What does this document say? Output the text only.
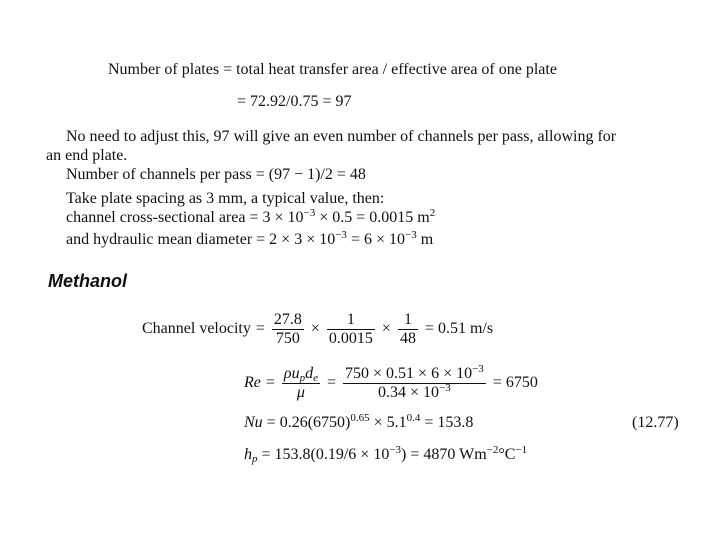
Number of plates = total heat transfer area / effective area of one plate
= 72.92/0.75 = 97
No need to adjust this, 97 will give an even number of channels per pass, allowing for
an end plate.
Number of channels per pass = (97 − 1)/2 = 48
Take plate spacing as 3 mm, a typical value, then:
channel cross-sectional area = $3 \times 10^{-3} \times 0.5 = 0.0015$ $m^2$
and hydraulic mean diameter = $2 \times 3 \times 10^{-3} = 6 \times 10^{-3}$ m
Methanol
Channel velocity = $\frac{27.8}{750} \times \frac{1}{0.0015} \times \frac{1}{48} = 0.51$ m/s
$Re = \frac{\rho u_pd_e}{\mu} = \frac{750 \times 0.51 \times 6 \times 10^{-3}}{0.34 \times 10^{-3}} = 6750$
$Nu = 0.26(6750)^{0.65} \times 5.1^{0.4} = 153.8$	(12.77)
$h_p = 153.8(0.19/6 \times 10^{-3}) = 4870$ $Wm^{-2}^\circ C^{-1}$
